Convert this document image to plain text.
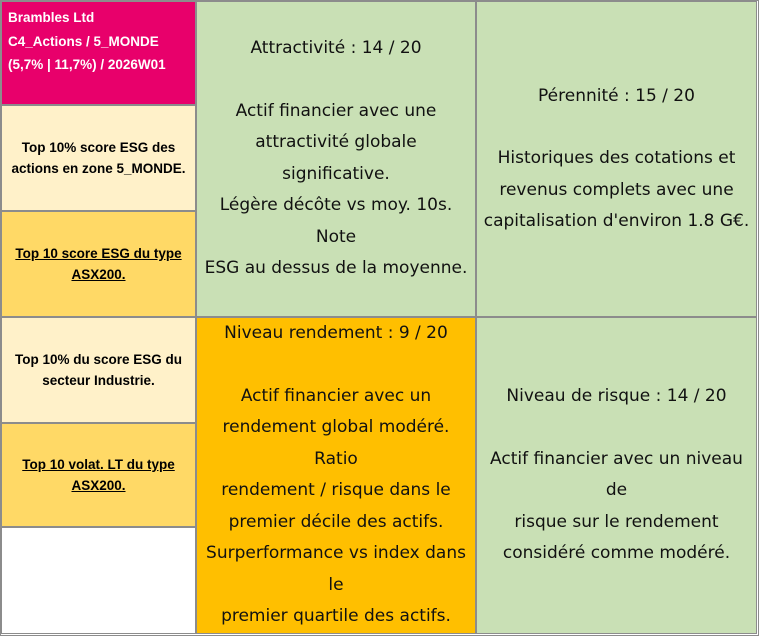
Brambles Ltd
C4_Actions / 5_MONDE
(5,7% | 11,7%) / 2026W01
Top 10% score ESG des actions en zone 5_MONDE.
Top 10 score ESG du type ASX200.
Top 10% du score ESG du secteur Industrie.
Top 10 volat. LT du type ASX200.
Attractivité : 14 / 20
Actif financier avec une
attractivité globale significative.
Légère décôte vs moy. 10s. Note
ESG au dessus de la moyenne.
Pérennité : 15 / 20
Historiques des cotations et
revenus complets avec une
capitalisation d'environ 1.8 G€.
Niveau rendement : 9 / 20
Actif financier avec un
rendement global modéré. Ratio
rendement / risque dans le
premier décile des actifs.
Surperformance vs index dans le
premier quartile des actifs.
Niveau de risque : 14 / 20
Actif financier avec un niveau de
risque sur le rendement
considéré comme modéré.
